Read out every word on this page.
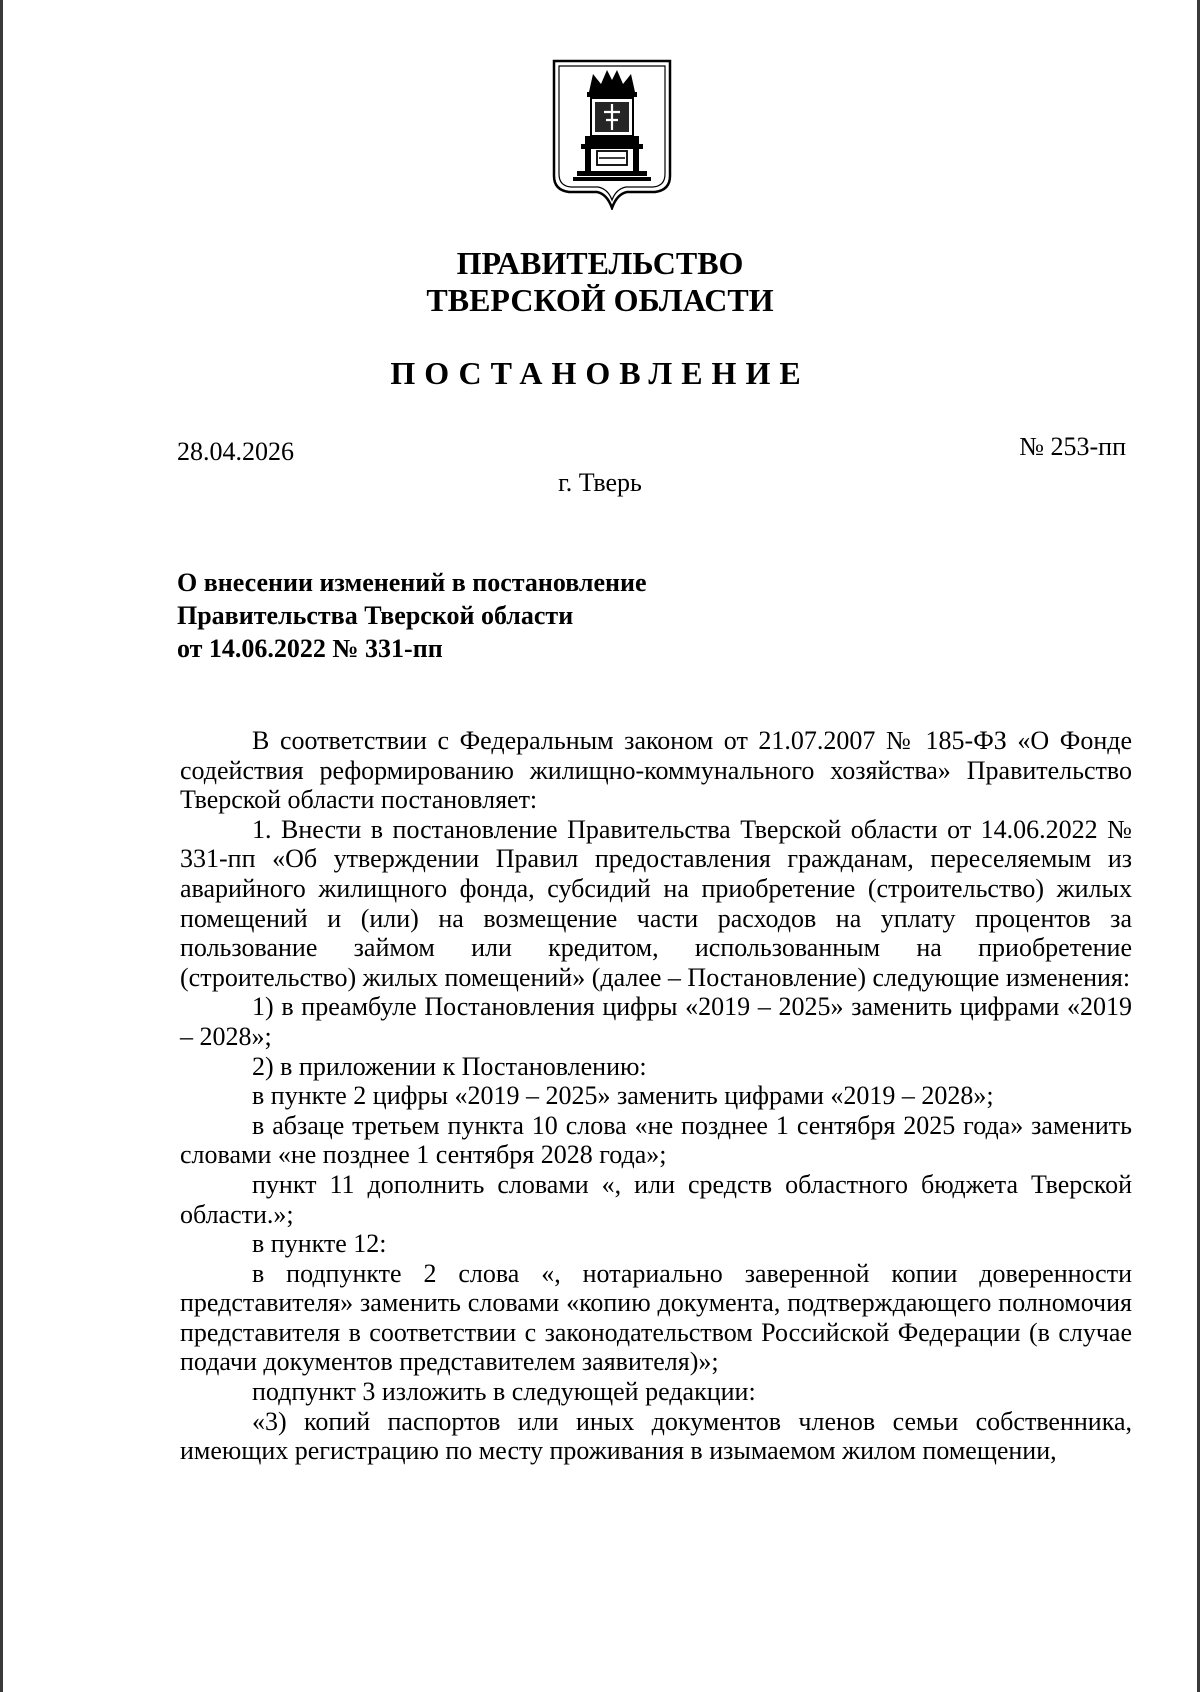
ПРАВИТЕЛЬСТВО
ТВЕРСКОЙ ОБЛАСТИ
ПОСТАНОВЛЕНИЕ
28.04.2026	№ 253-пп
г. Тверь
О внесении изменений в постановление
Правительства Тверской области
от 14.06.2022 № 331-пп

В соответствии с Федеральным законом от 21.07.2007 № 185-ФЗ «О Фонде содействия реформированию жилищно-коммунального хозяйства» Правительство Тверской области постановляет:

1. Внести в постановление Правительства Тверской области от 14.06.2022 № 331-пп «Об утверждении Правил предоставления гражданам, переселяемым из аварийного жилищного фонда, субсидий на приобретение (строительство) жилых помещений и (или) на возмещение части расходов на уплату процентов за пользование займом или кредитом, использованным на приобретение (строительство) жилых помещений» (далее – Постановление) следующие изменения:

1) в преамбуле Постановления цифры «2019 – 2025» заменить цифрами «2019 – 2028»;

2) в приложении к Постановлению:

в пункте 2 цифры «2019 – 2025» заменить цифрами «2019 – 2028»;

в абзаце третьем пункта 10 слова «не позднее 1 сентября 2025 года» заменить словами «не позднее 1 сентября 2028 года»;

пункт 11 дополнить словами «, или средств областного бюджета Тверской области.»;

в пункте 12:

в подпункте 2 слова «, нотариально заверенной копии доверенности представителя» заменить словами «копию документа, подтверждающего полномочия представителя в соответствии с законодательством Российской Федерации (в случае подачи документов представителем заявителя)»;

подпункт 3 изложить в следующей редакции:

«3) копий паспортов или иных документов членов семьи собственника, имеющих регистрацию по месту проживания в изымаемом жилом помещении,
